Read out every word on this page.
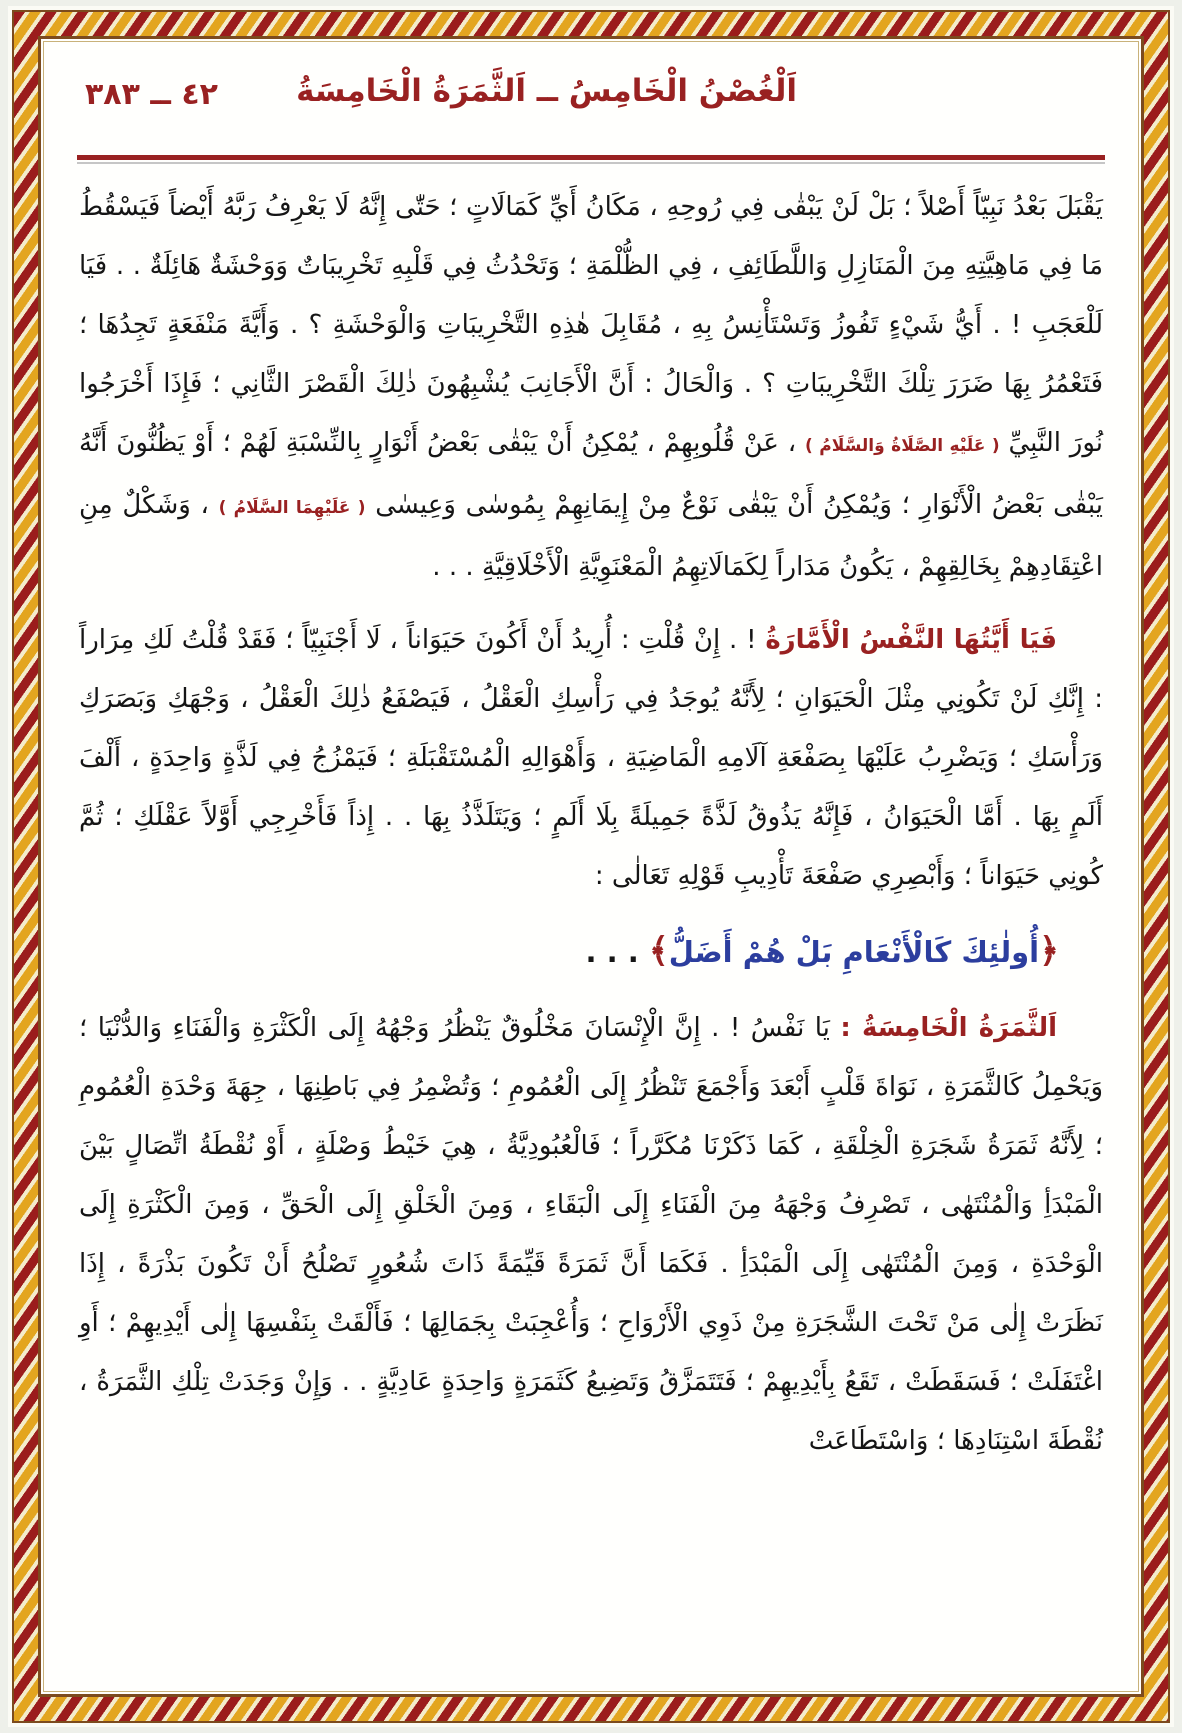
اَلْغُصْنُ الْخَامِسُ ــ اَلثَّمَرَةُ الْخَامِسَةُ
٤٢ ــ ٣٨٣

يَقْبَلَ بَعْدُ نَبِيّاً أَصْلاً ؛ بَلْ لَنْ يَبْقٰى فِي رُوحِهِ ، مَكَانُ أَيِّ كَمَالَاتٍ ؛ حَتّٰى إِنَّهُ لَا يَعْرِفُ رَبَّهُ أَيْضاً فَيَسْقُطُ مَا فِي مَاهِيَّتِهِ مِنَ الْمَنَازِلِ وَاللَّطَائِفِ ، فِي الظُّلْمَةِ ؛ وَتَحْدُثُ فِي قَلْبِهِ تَخْرِيبَاتٌ وَوَحْشَةٌ هَائِلَةٌ . . فَيَا لَلْعَجَبِ ! . أَيُّ شَيْءٍ تَفُوزُ وَتَسْتَأْنِسُ بِهِ ، مُقَابِلَ هٰذِهِ التَّخْرِيبَاتِ وَالْوَحْشَةِ ؟ . وَأَيَّةَ مَنْفَعَةٍ تَجِدُهَا ؛ فَتَعْمُرُ بِهَا ضَرَرَ تِلْكَ التَّخْرِيبَاتِ ؟ . وَالْحَالُ : أَنَّ الْأَجَانِبَ يُشْبِهُونَ ذٰلِكَ الْقَصْرَ الثَّانِي ؛ فَإِذَا أَخْرَجُوا نُورَ النَّبِيِّ ( عَلَيْهِ الصَّلَاةُ وَالسَّلَامُ ) ، عَنْ قُلُوبِهِمْ ، يُمْكِنُ أَنْ يَبْقٰى بَعْضُ أَنْوَارٍ بِالنِّسْبَةِ لَهُمْ ؛ أَوْ يَظُنُّونَ أَنَّهُ يَبْقٰى بَعْضُ الْأَنْوَارِ ؛ وَيُمْكِنُ أَنْ يَبْقٰى نَوْعٌ مِنْ إِيمَانِهِمْ بِمُوسٰى وَعِيسٰى ( عَلَيْهِمَا السَّلَامُ ) ، وَشَكْلٌ مِنِ اعْتِقَادِهِمْ بِخَالِقِهِمْ ، يَكُونُ مَدَاراً لِكَمَالَاتِهِمُ الْمَعْنَوِيَّةِ الْأَخْلَاقِيَّةِ . . .

فَيَا أَيَّتُهَا النَّفْسُ الْأَمَّارَةُ ! . إِنْ قُلْتِ : أُرِيدُ أَنْ أَكُونَ حَيَوَاناً ، لَا أَجْنَبِيّاً ؛ فَقَدْ قُلْتُ لَكِ مِرَاراً : إِنَّكِ لَنْ تَكُونِي مِثْلَ الْحَيَوَانِ ؛ لِأَنَّهُ يُوجَدُ فِي رَأْسِكِ الْعَقْلُ ، فَيَصْفَعُ ذٰلِكَ الْعَقْلُ ، وَجْهَكِ وَبَصَرَكِ وَرَأْسَكِ ؛ وَيَضْرِبُ عَلَيْهَا بِصَفْعَةِ آلَامِهِ الْمَاضِيَةِ ، وَأَهْوَالِهِ الْمُسْتَقْبَلَةِ ؛ فَيَمْزُجُ فِي لَذَّةٍ وَاحِدَةٍ ، أَلْفَ أَلَمٍ بِهَا . أَمَّا الْحَيَوَانُ ، فَإِنَّهُ يَذُوقُ لَذَّةً جَمِيلَةً بِلَا أَلَمٍ ؛ وَيَتَلَذَّذُ بِهَا . . إِذاً فَأَخْرِجِي أَوَّلاً عَقْلَكِ ؛ ثُمَّ كُونِي حَيَوَاناً ؛ وَأَبْصِرِي صَفْعَةَ تَأْدِيبِ قَوْلِهِ تَعَالٰى :

﴿أُولٰئِكَ كَالْأَنْعَامِ بَلْ هُمْ أَضَلُّ﴾ . . .

اَلثَّمَرَةُ الْخَامِسَةُ : يَا نَفْسُ ! . إِنَّ الْإِنْسَانَ مَخْلُوقٌ يَنْظُرُ وَجْهُهُ إِلَى الْكَثْرَةِ وَالْفَنَاءِ وَالدُّنْيَا ؛ وَيَحْمِلُ كَالثَّمَرَةِ ، نَوَاةَ قَلْبٍ أَبْعَدَ وَأَجْمَعَ تَنْظُرُ إِلَى الْعُمُومِ ؛ وَتُضْمِرُ فِي بَاطِنِهَا ، جِهَةَ وَحْدَةِ الْعُمُومِ ؛ لِأَنَّهُ ثَمَرَةُ شَجَرَةِ الْخِلْقَةِ ، كَمَا ذَكَرْنَا مُكَرَّراً ؛ فَالْعُبُودِيَّةُ ، هِيَ خَيْطُ وَصْلَةٍ ، أَوْ نُقْطَةُ اتِّصَالٍ بَيْنَ الْمَبْدَأِ وَالْمُنْتَهٰى ، تَصْرِفُ وَجْهَهُ مِنَ الْفَنَاءِ إِلَى الْبَقَاءِ ، وَمِنَ الْخَلْقِ إِلَى الْحَقِّ ، وَمِنَ الْكَثْرَةِ إِلَى الْوَحْدَةِ ، وَمِنَ الْمُنْتَهٰى إِلَى الْمَبْدَأِ . فَكَمَا أَنَّ ثَمَرَةً قَيِّمَةً ذَاتَ شُعُورٍ تَصْلُحُ أَنْ تَكُونَ بَذْرَةً ، إِذَا نَظَرَتْ إِلٰى مَنْ تَحْتَ الشَّجَرَةِ مِنْ ذَوِي الْأَرْوَاحِ ؛ وَأُعْجِبَتْ بِجَمَالِهَا ؛ فَأَلْقَتْ بِنَفْسِهَا إِلٰى أَيْدِيهِمْ ؛ أَوِ اغْتَفَلَتْ ؛ فَسَقَطَتْ ، تَقَعُ بِأَيْدِيهِمْ ؛ فَتَتَمَزَّقُ وَتَضِيعُ كَثَمَرَةٍ وَاحِدَةٍ عَادِيَّةٍ . . وَإِنْ وَجَدَتْ تِلْكِ الثَّمَرَةُ ، نُقْطَةَ اسْتِنَادِهَا ؛ وَاسْتَطَاعَتْ
